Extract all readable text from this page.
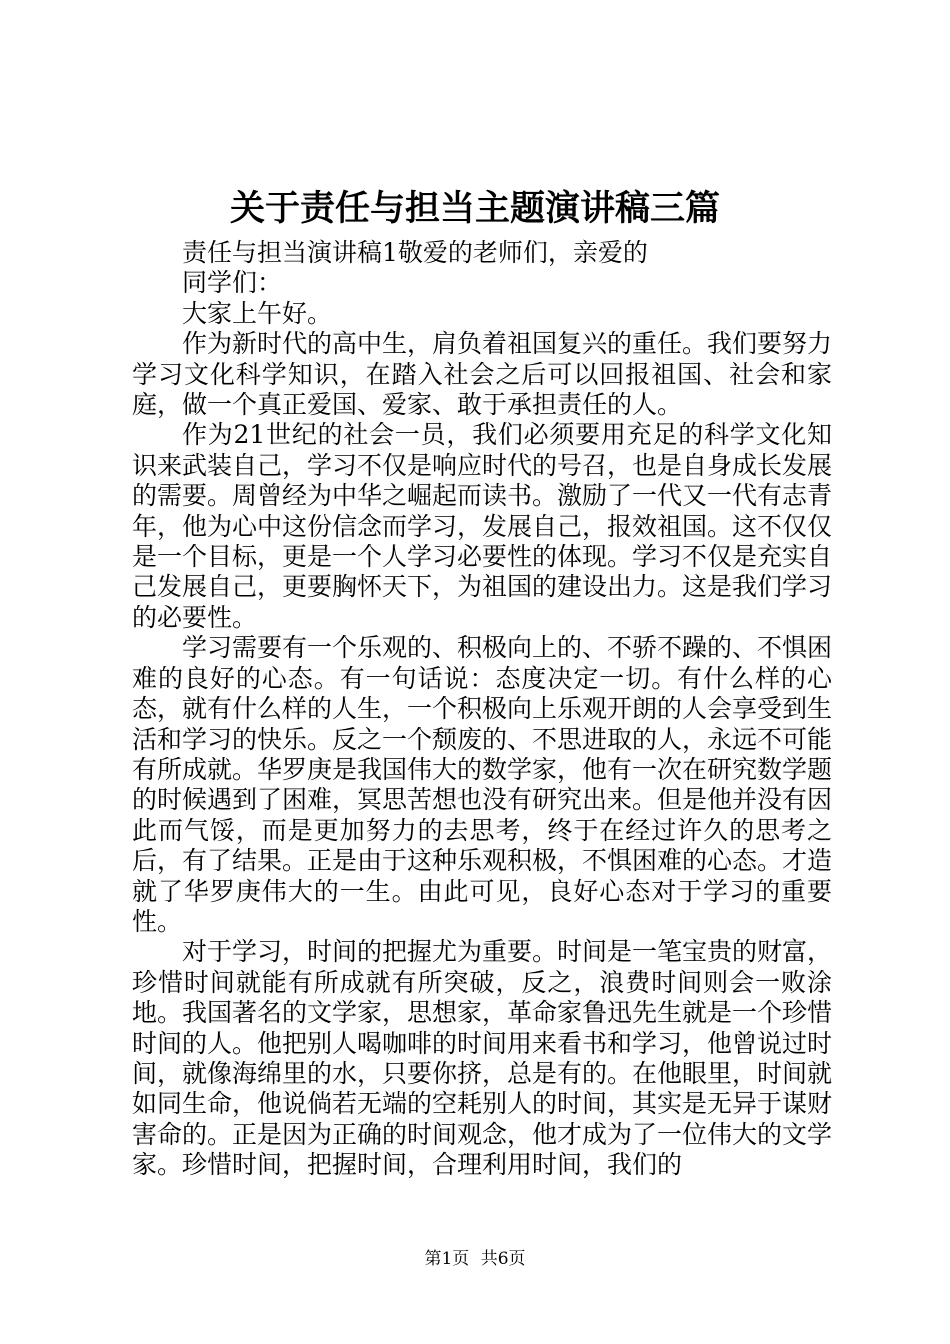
关于责任与担当主题演讲稿三篇

责任与担当演讲稿1敬爱的老师们，亲爱的

同学们：

大家上午好。

作为新时代的高中生，肩负着祖国复兴的重任。我们要努力学习文化科学知识，在踏入社会之后可以回报祖国、社会和家庭，做一个真正爱国、爱家、敢于承担责任的人。

作为21世纪的社会一员，我们必须要用充足的科学文化知识来武装自己，学习不仅是响应时代的号召，也是自身成长发展的需要。周曾经为中华之崛起而读书。激励了一代又一代有志青年，他为心中这份信念而学习，发展自己，报效祖国。这不仅仅是一个目标，更是一个人学习必要性的体现。学习不仅是充实自己发展自己，更要胸怀天下，为祖国的建设出力。这是我们学习的必要性。

学习需要有一个乐观的、积极向上的、不骄不躁的、不惧困难的良好的心态。有一句话说：态度决定一切。有什么样的心态，就有什么样的人生，一个积极向上乐观开朗的人会享受到生活和学习的快乐。反之一个颓废的、不思进取的人，永远不可能有所成就。华罗庚是我国伟大的数学家，他有一次在研究数学题的时候遇到了困难，冥思苦想也没有研究出来。但是他并没有因此而气馁，而是更加努力的去思考，终于在经过许久的思考之后，有了结果。正是由于这种乐观积极，不惧困难的心态。才造就了华罗庚伟大的一生。由此可见，良好心态对于学习的重要性。

对于学习，时间的把握尤为重要。时间是一笔宝贵的财富，珍惜时间就能有所成就有所突破，反之，浪费时间则会一败涂地。我国著名的文学家，思想家，革命家鲁迅先生就是一个珍惜时间的人。他把别人喝咖啡的时间用来看书和学习，他曾说过时间，就像海绵里的水，只要你挤，总是有的。在他眼里，时间就如同生命，他说倘若无端的空耗别人的时间，其实是无异于谋财害命的。正是因为正确的时间观念，他才成为了一位伟大的文学家。珍惜时间，把握时间，合理利用时间，我们的

第1页 共6页
